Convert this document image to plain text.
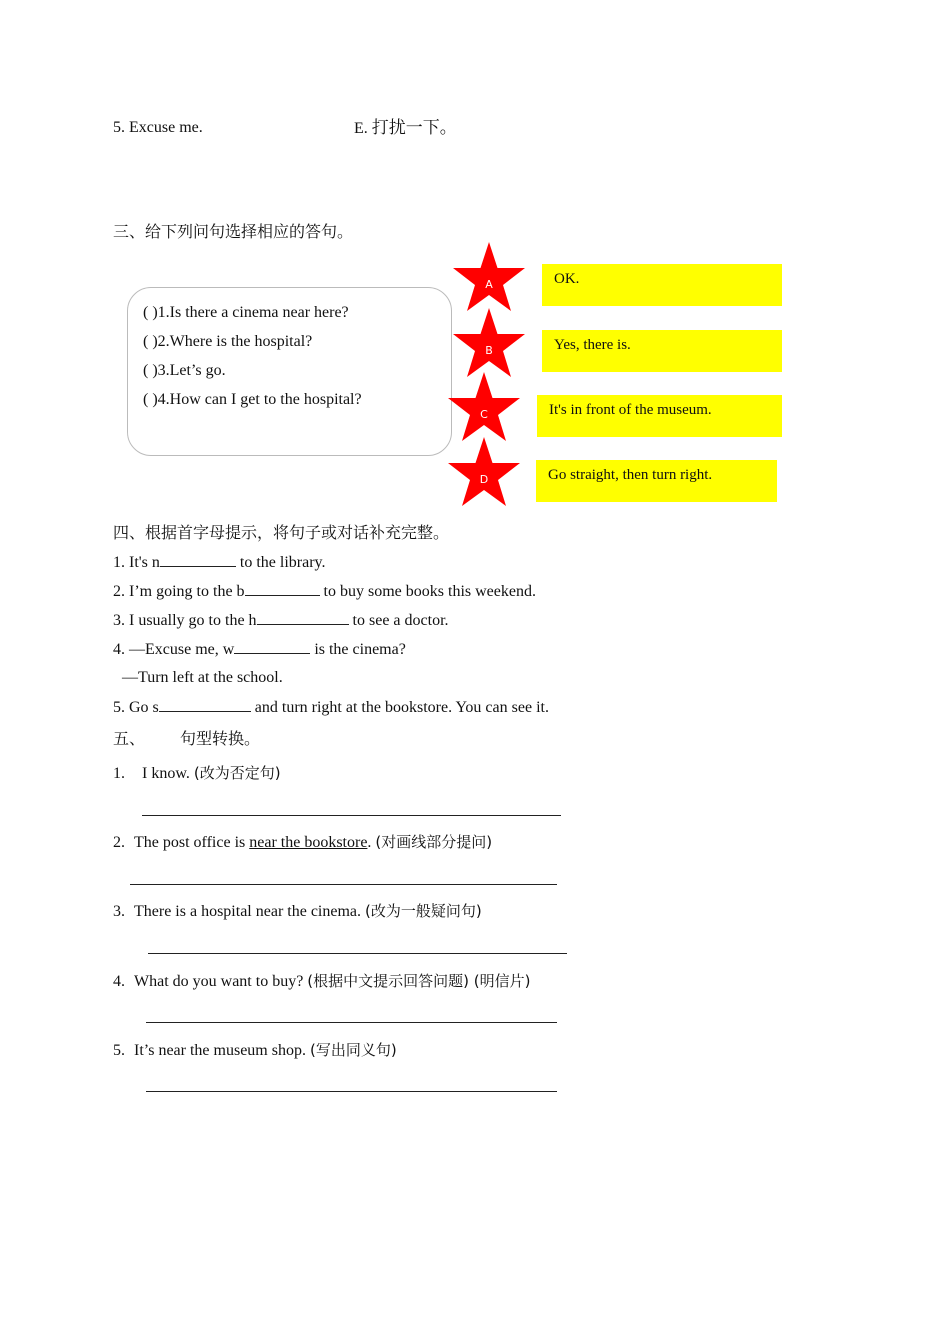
5. Excuse me.	E. 打扰一下。
三、给下列问句选择相应的答句。
( )1.Is there a cinema near here?
( )2.Where is the hospital?
( )3.Let’s go.
( )4.How can I get to the hospital?
A
B
C
D
OK.
Yes, there is.
It's in front of the museum.
Go straight, then turn right.
四、根据首字母提示，将句子或对话补充完整。
1. It's n	to the library.
2. I’m going to the b	to buy some books this weekend.
3. I usually go to the h	to see a doctor.
4. —Excuse me, w	is the cinema?
—Turn left at the school.
5. Go s	and turn right at the bookstore. You can see it.
五、 句型转换。
1. I know. (改为否定句)
2. The post office is near the bookstore. (对画线部分提问)
3. There is a hospital near the cinema. (改为一般疑问句)
4. What do you want to buy? (根据中文提示回答问题) (明信片)
5. It’s near the museum shop. (写出同义句)
